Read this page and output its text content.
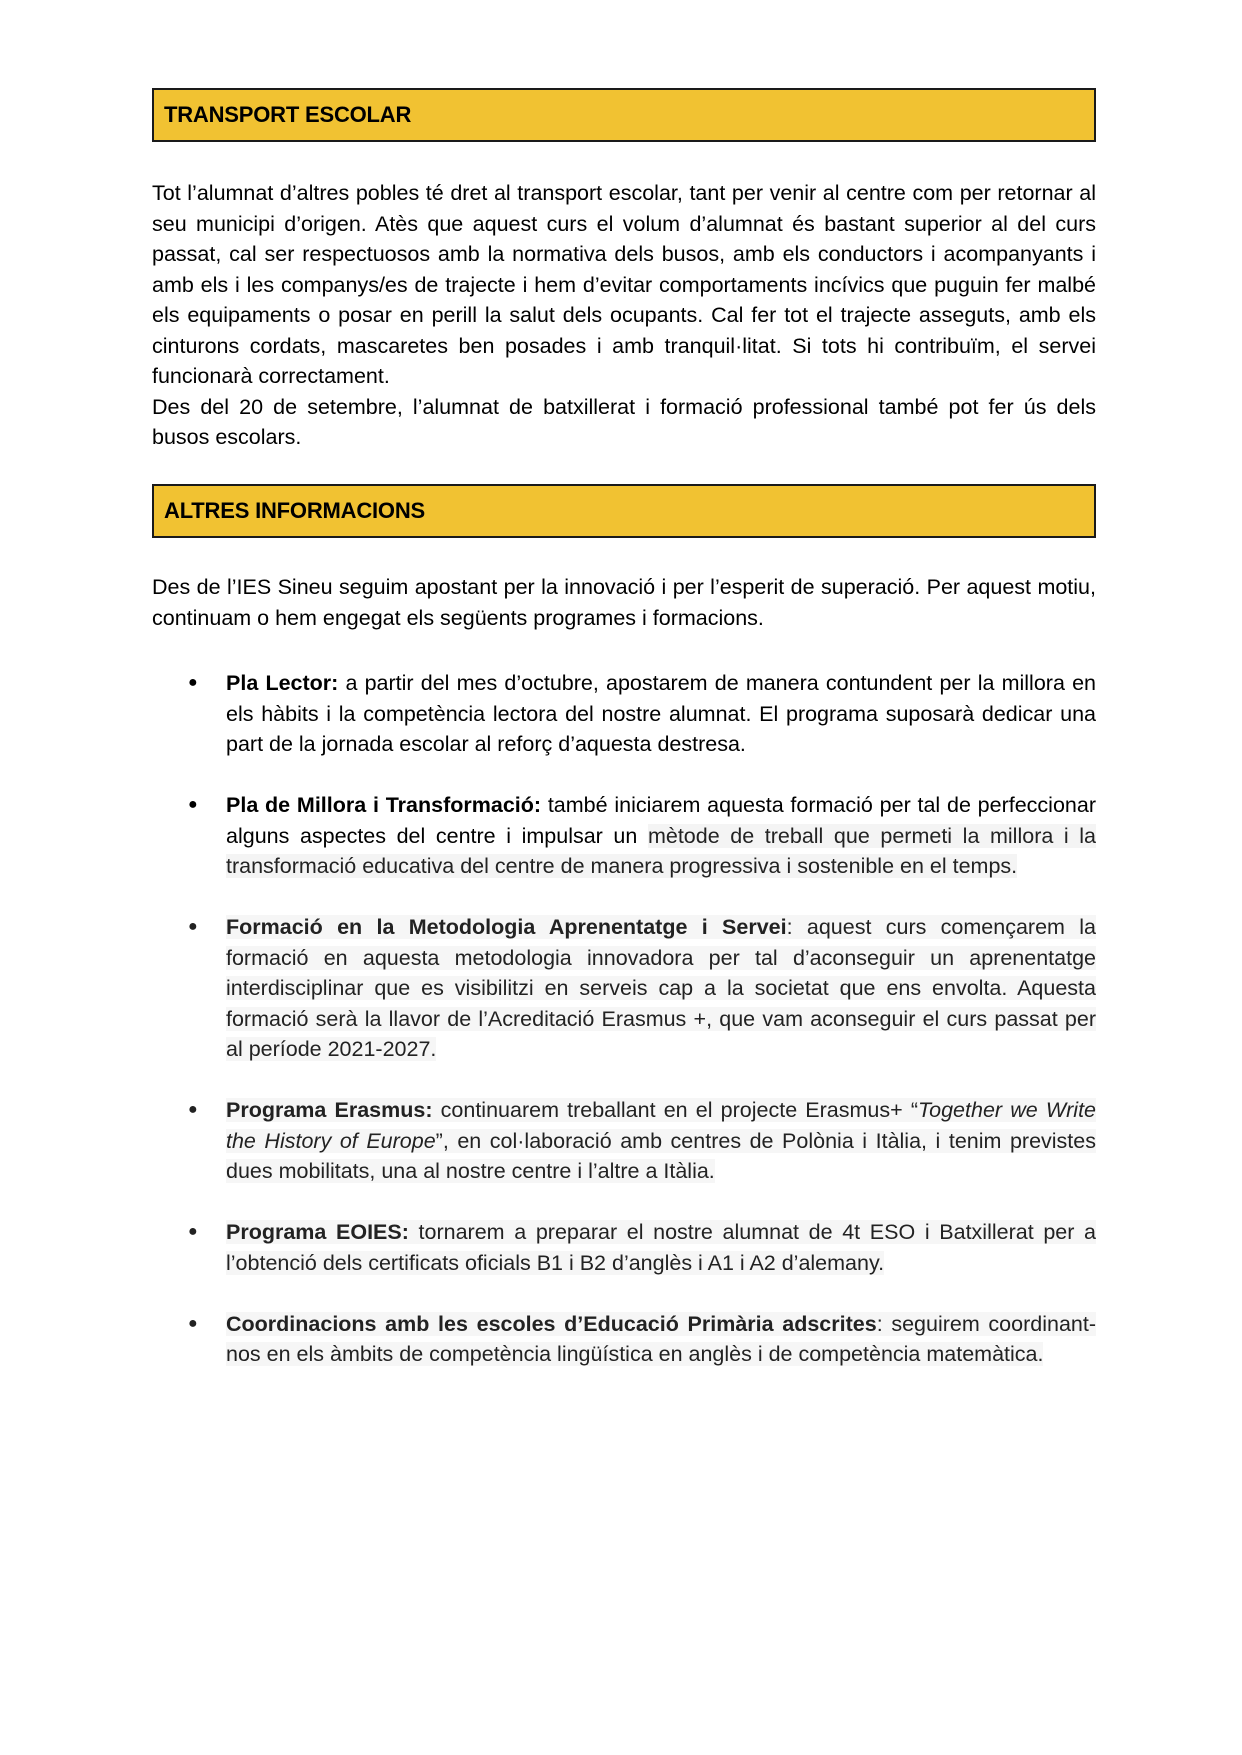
TRANSPORT ESCOLAR

Tot l’alumnat d’altres pobles té dret al transport escolar, tant per venir al centre com per retornar al seu municipi d’origen. Atès que aquest curs el volum d’alumnat és bastant superior al del curs passat, cal ser respectuosos amb la normativa dels busos, amb els conductors i acompanyants i amb els i les companys/es de trajecte i hem d’evitar comportaments incívics que puguin fer malbé els equipaments o posar en perill la salut dels ocupants. Cal fer tot el trajecte asseguts, amb els cinturons cordats, mascaretes ben posades i amb tranquil·litat. Si tots hi contribuïm, el servei funcionarà correctament.

Des del 20 de setembre, l’alumnat de batxillerat i formació professional també pot fer ús dels busos escolars.

ALTRES INFORMACIONS

Des de l’IES Sineu seguim apostant per la innovació i per l’esperit de superació. Per aquest motiu, continuam o hem engegat els següents programes i formacions.

● Pla Lector: a partir del mes d’octubre, apostarem de manera contundent per la millora en els hàbits i la competència lectora del nostre alumnat. El programa suposarà dedicar una part de la jornada escolar al reforç d’aquesta destresa.
● Pla de Millora i Transformació: també iniciarem aquesta formació per tal de perfeccionar alguns aspectes del centre i impulsar un mètode de treball que permeti la millora i la transformació educativa del centre de manera progressiva i sostenible en el temps.
● Formació en la Metodologia Aprenentatge i Servei: aquest curs començarem la formació en aquesta metodologia innovadora per tal d’aconseguir un aprenentatge interdisciplinar que es visibilitzi en serveis cap a la societat que ens envolta. Aquesta formació serà la llavor de l’Acreditació Erasmus +, que vam aconseguir el curs passat per al període 2021-2027.
● Programa Erasmus: continuarem treballant en el projecte Erasmus+ “Together we Write the History of Europe”, en col·laboració amb centres de Polònia i Itàlia, i tenim previstes dues mobilitats, una al nostre centre i l’altre a Itàlia.
● Programa EOIES: tornarem a preparar el nostre alumnat de 4t ESO i Batxillerat per a l’obtenció dels certificats oficials B1 i B2 d’anglès i A1 i A2 d’alemany.
● Coordinacions amb les escoles d’Educació Primària adscrites: seguirem coordinant-nos en els àmbits de competència lingüística en anglès i de competència matemàtica.
